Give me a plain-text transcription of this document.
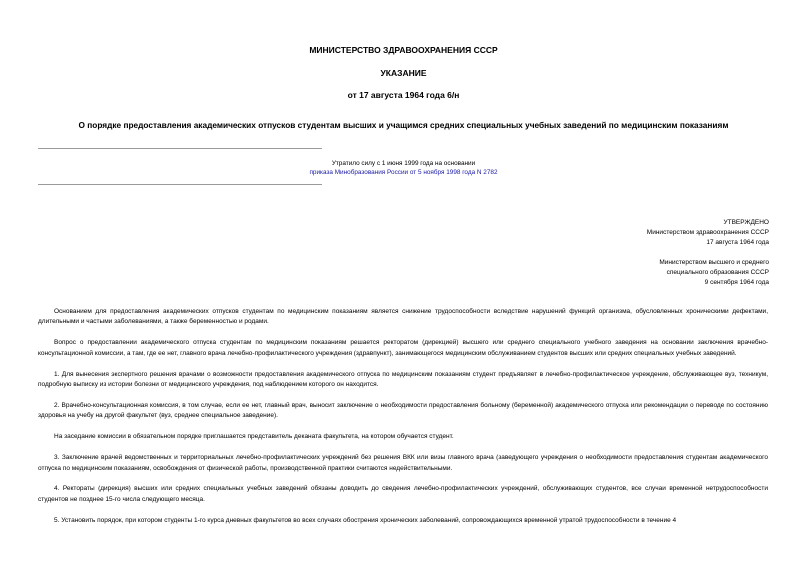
МИНИСТЕРСТВО ЗДРАВООХРАНЕНИЯ СССР
УКАЗАНИЕ
от 17 августа 1964 года 6/н
О порядке предоставления академических отпусков студентам высших и учащимся средних специальных учебных заведений по медицинским показаниям
Утратило силу с 1 июня 1999 года на основании
приказа Минобразования России от 5 ноября 1998 года N 2782
УТВЕРЖДЕНО
Министерством здравоохранения СССР
17 августа 1964 года
Министерством высшего и среднего
специального образования СССР
9 сентября 1964 года

Основанием для предоставления академических отпусков студентам по медицинским показаниям является снижение трудоспособности вследствие нарушений функций организма, обусловленных хроническими дефектами, длительными и частыми заболеваниями, а также беременностью и родами.

Вопрос о предоставлении академического отпуска студентам по медицинским показаниям решается ректоратом (дирекцией) высшего или среднего специального учебного заведения на основании заключения врачебно-консультационной комиссии, а там, где ее нет, главного врача лечебно-профилактического учреждения (здравпункт), занимающегося медицинским обслуживанием студентов высших или средних специальных учебных заведений.

1. Для вынесения экспертного решения врачами о возможности предоставления академического отпуска по медицинским показаниям студент предъявляет в лечебно-профилактическое учреждение, обслуживающее вуз, техникум, подробную выписку из истории болезни от медицинского учреждения, под наблюдением которого он находится.

2. Врачебно-консультационная комиссия, в том случае, если ее нет, главный врач, выносит заключение о необходимости предоставления больному (беременной) академического отпуска или рекомендации о переводе по состоянию здоровья на учебу на другой факультет (вуз, среднее специальное заведение).

На заседание комиссии в обязательном порядке приглашается представитель деканата факультета, на котором обучается студент.

3. Заключение врачей ведомственных и территориальных лечебно-профилактических учреждений без решения ВКК или визы главного врача (заведующего учреждения о необходимости предоставления студентам академического отпуска по медицинским показаниям, освобождения от физической работы, производственной практики считаются недействительными.

4. Ректораты (дирекция) высших или средних специальных учебных заведений обязаны доводить до сведения лечебно-профилактических учреждений, обслуживающих студентов, все случаи временной нетрудоспособности студентов не позднее 15-го числа следующего месяца.

5. Установить порядок, при котором студенты 1-го курса дневных факультетов во всех случаях обострения хронических заболеваний, сопровождающихся временной утратой трудоспособности в течение 4
